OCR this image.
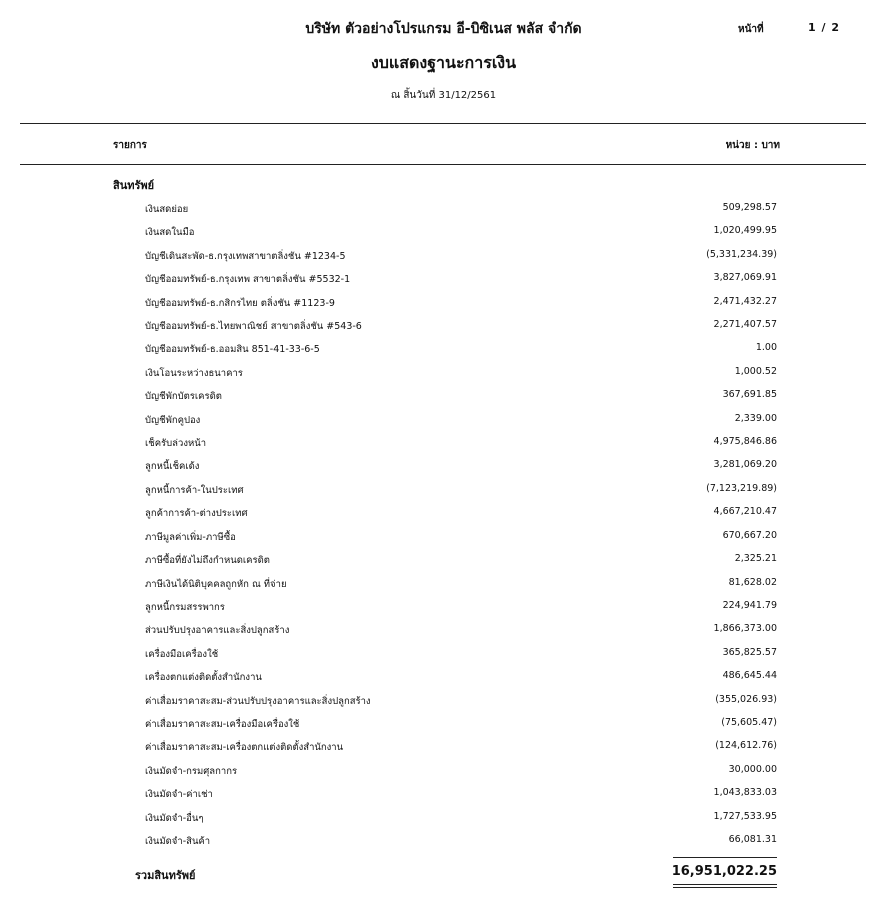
บริษัท ตัวอย่างโปรแกรม อี-บิซิเนส พลัส จำกัด	หน้าที่	1 / 2
งบแสดงฐานะการเงิน
ณ สิ้นวันที่ 31/12/2561
รายการ	หน่วย : บาท
สินทรัพย์
เงินสดย่อย	509,298.57
เงินสดในมือ	1,020,499.95
บัญชีเดินสะพัด-ธ.กรุงเทพสาขาตลิ่งชัน #1234-5	(5,331,234.39)
บัญชีออมทรัพย์-ธ.กรุงเทพ สาขาตลิ่งชัน #5532-1	3,827,069.91
บัญชีออมทรัพย์-ธ.กสิกรไทย ตลิ่งชัน #1123-9	2,471,432.27
บัญชีออมทรัพย์-ธ.ไทยพาณิชย์ สาขาตลิ่งชัน #543-6	2,271,407.57
บัญชีออมทรัพย์-ธ.ออมสิน 851-41-33-6-5	1.00
เงินโอนระหว่างธนาคาร	1,000.52
บัญชีพักบัตรเครดิต	367,691.85
บัญชีพักคูปอง	2,339.00
เช็ครับล่วงหน้า	4,975,846.86
ลูกหนี้เช็คเด้ง	3,281,069.20
ลูกหนี้การค้า-ในประเทศ	(7,123,219.89)
ลูกค้าการค้า-ต่างประเทศ	4,667,210.47
ภาษีมูลค่าเพิ่ม-ภาษีซื้อ	670,667.20
ภาษีซื้อที่ยังไม่ถึงกำหนดเครดิต	2,325.21
ภาษีเงินได้นิติบุคคลถูกหัก ณ ที่จ่าย	81,628.02
ลูกหนี้กรมสรรพากร	224,941.79
ส่วนปรับปรุงอาคารและสิ่งปลูกสร้าง	1,866,373.00
เครื่องมือเครื่องใช้	365,825.57
เครื่องตกแต่งติดตั้งสำนักงาน	486,645.44
ค่าเสื่อมราคาสะสม-ส่วนปรับปรุงอาคารและสิ่งปลูกสร้าง	(355,026.93)
ค่าเสื่อมราคาสะสม-เครื่องมือเครื่องใช้	(75,605.47)
ค่าเสื่อมราคาสะสม-เครื่องตกแต่งติดตั้งสำนักงาน	(124,612.76)
เงินมัดจำ-กรมศุลกากร	30,000.00
เงินมัดจำ-ค่าเช่า	1,043,833.03
เงินมัดจำ-อื่นๆ	1,727,533.95
เงินมัดจำ-สินค้า	66,081.31
รวมสินทรัพย์	16,951,022.25
